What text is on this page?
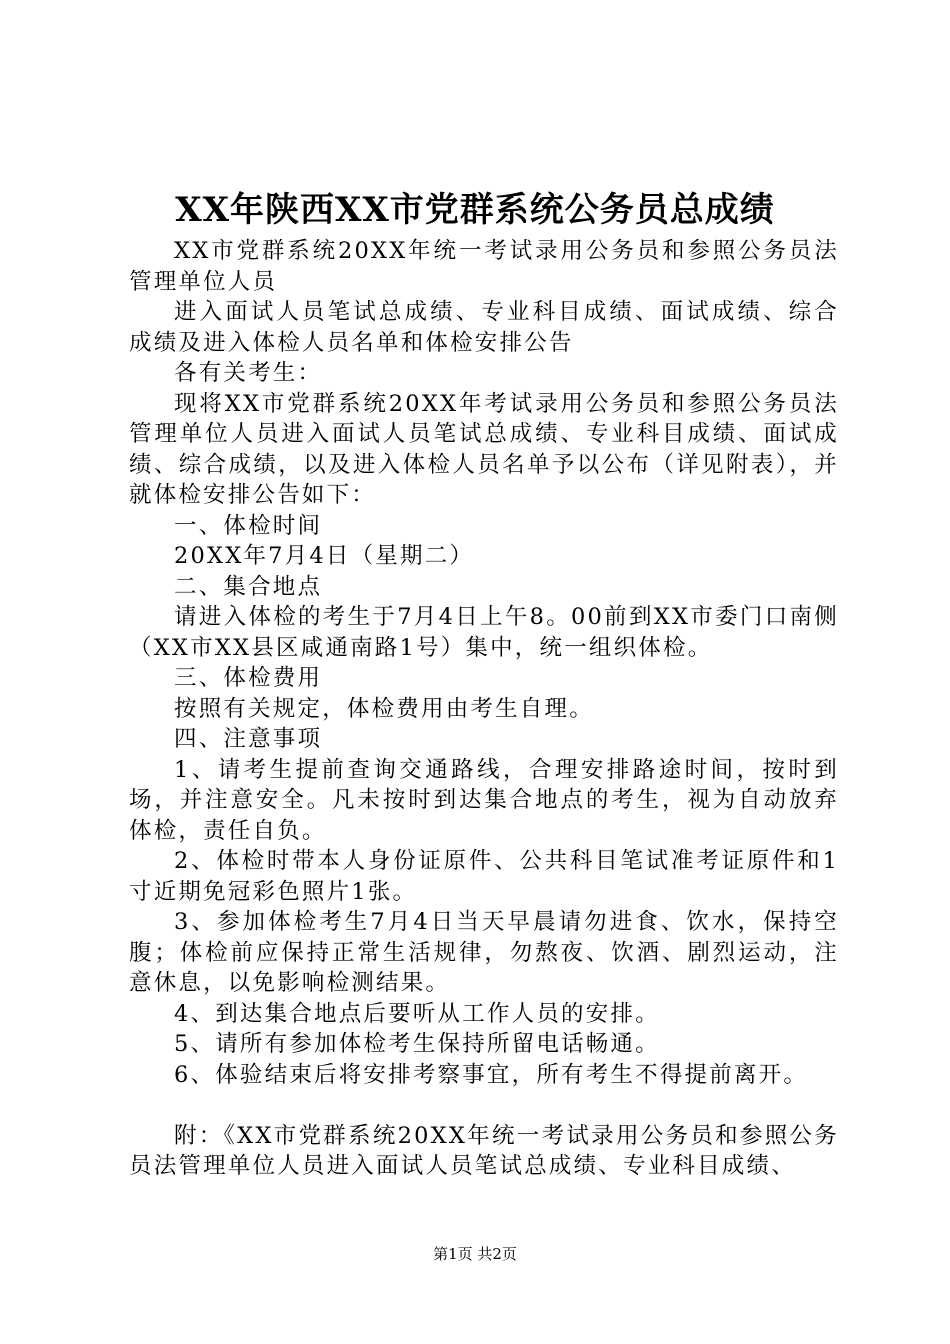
XX年陕西XX市党群系统公务员总成绩

XX市党群系统20XX年统一考试录用公务员和参照公务员法管理单位人员

进入面试人员笔试总成绩、专业科目成绩、面试成绩、综合成绩及进入体检人员名单和体检安排公告

各有关考生：

现将XX市党群系统20XX年考试录用公务员和参照公务员法管理单位人员进入面试人员笔试总成绩、专业科目成绩、面试成绩、综合成绩，以及进入体检人员名单予以公布（详见附表），并就体检安排公告如下：

一、体检时间

20XX年7月4日（星期二）

二、集合地点

请进入体检的考生于7月4日上午8。00前到XX市委门口南侧（XX市XX县区咸通南路1号）集中，统一组织体检。

三、体检费用

按照有关规定，体检费用由考生自理。

四、注意事项

1、请考生提前查询交通路线，合理安排路途时间，按时到场，并注意安全。凡未按时到达集合地点的考生，视为自动放弃体检，责任自负。

2、体检时带本人身份证原件、公共科目笔试准考证原件和1寸近期免冠彩色照片1张。

3、参加体检考生7月4日当天早晨请勿进食、饮水，保持空腹；体检前应保持正常生活规律，勿熬夜、饮酒、剧烈运动，注意休息，以免影响检测结果。

4、到达集合地点后要听从工作人员的安排。

5、请所有参加体检考生保持所留电话畅通。

6、体验结束后将安排考察事宜，所有考生不得提前离开。

附：《XX市党群系统20XX年统一考试录用公务员和参照公务员法管理单位人员进入面试人员笔试总成绩、专业科目成绩、

第1页 共2页
